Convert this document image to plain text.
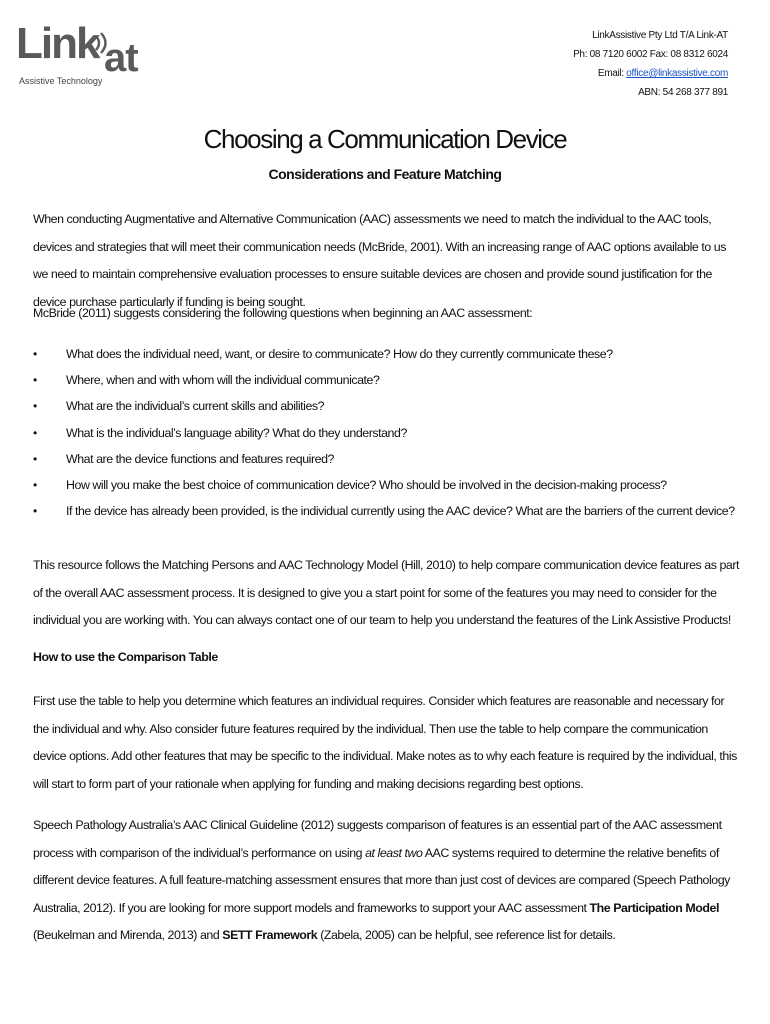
Link at
Assistive Technology
LinkAssistive Pty Ltd T/A Link-AT
Ph: 08 7120 6002 Fax: 08 8312 6024
Email: office@linkassistive.com
ABN: 54 268 377 891
Choosing a Communication Device
Considerations and Feature Matching

When conducting Augmentative and Alternative Communication (AAC) assessments we need to match the individual to the AAC tools, devices and strategies that will meet their communication needs (McBride, 2001). With an increasing range of AAC options available to us we need to maintain comprehensive evaluation processes to ensure suitable devices are chosen and provide sound justification for the device purchase particularly if funding is being sought.

McBride (2011) suggests considering the following questions when beginning an AAC assessment:

• What does the individual need, want, or desire to communicate? How do they currently communicate these?
• Where, when and with whom will the individual communicate?
• What are the individual’s current skills and abilities?
• What is the individual’s language ability? What do they understand?
• What are the device functions and features required?
• How will you make the best choice of communication device? Who should be involved in the decision-making process?
• If the device has already been provided, is the individual currently using the AAC device? What are the barriers of the current device?

This resource follows the Matching Persons and AAC Technology Model (Hill, 2010) to help compare communication device features as part of the overall AAC assessment process. It is designed to give you a start point for some of the features you may need to consider for the individual you are working with. You can always contact one of our team to help you understand the features of the Link Assistive Products!

How to use the Comparison Table

First use the table to help you determine which features an individual requires. Consider which features are reasonable and necessary for the individual and why. Also consider future features required by the individual. Then use the table to help compare the communication device options. Add other features that may be specific to the individual. Make notes as to why each feature is required by the individual, this will start to form part of your rationale when applying for funding and making decisions regarding best options.

Speech Pathology Australia’s AAC Clinical Guideline (2012) suggests comparison of features is an essential part of the AAC assessment process with comparison of the individual’s performance on using at least two AAC systems required to determine the relative benefits of different device features. A full feature-matching assessment ensures that more than just cost of devices are compared (Speech Pathology Australia, 2012). If you are looking for more support models and frameworks to support your AAC assessment The Participation Model (Beukelman and Mirenda, 2013) and SETT Framework (Zabela, 2005) can be helpful, see reference list for details.
